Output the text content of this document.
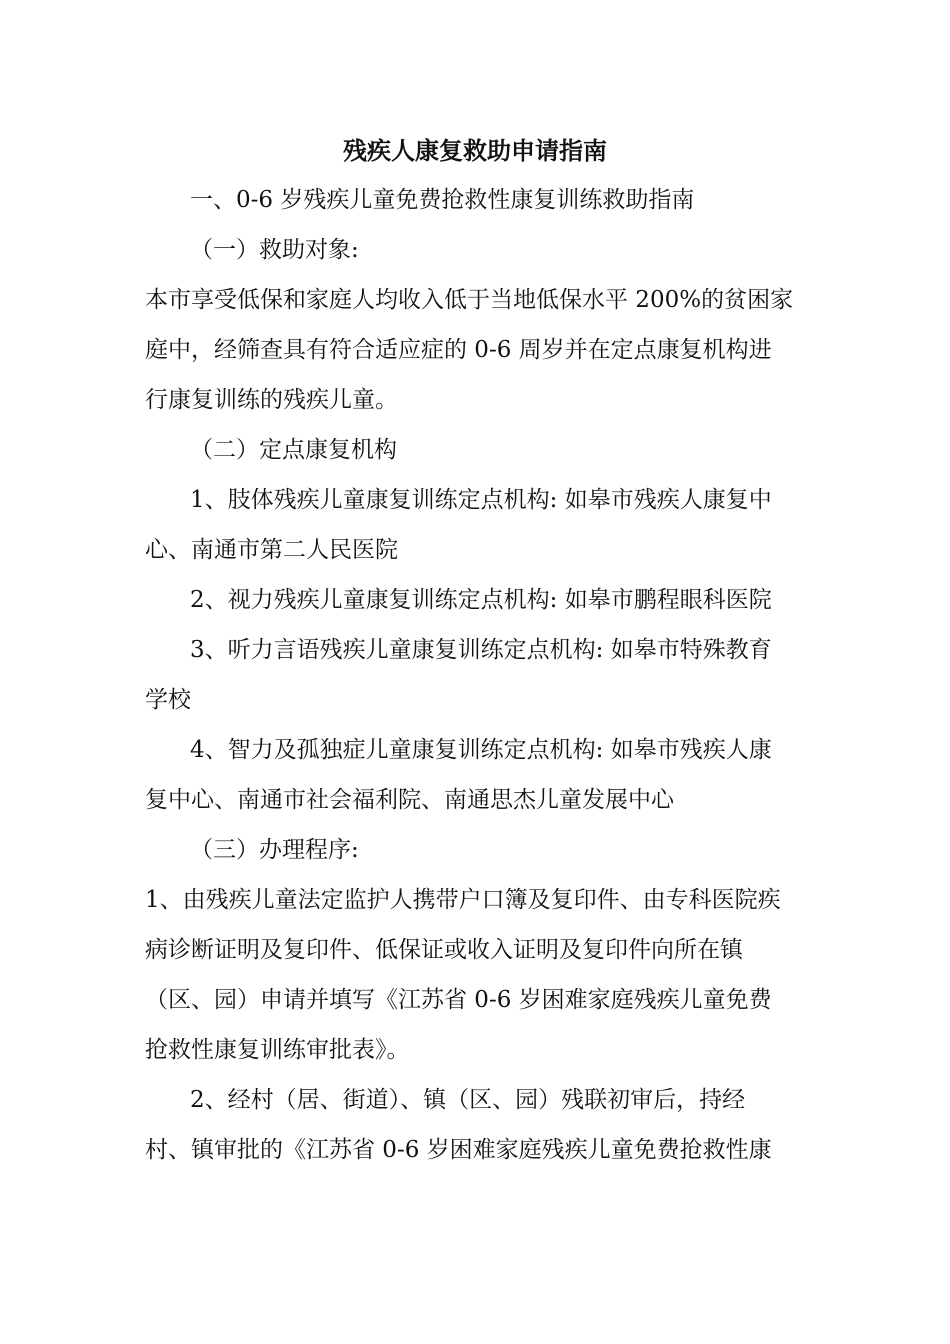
残疾人康复救助申请指南

一、0-6 岁残疾儿童免费抢救性康复训练救助指南

（一）救助对象:

本市享受低保和家庭人均收入低于当地低保水平 200%的贫困家

庭中，经筛查具有符合适应症的 0-6 周岁并在定点康复机构进

行康复训练的残疾儿童。

（二）定点康复机构

1、肢体残疾儿童康复训练定点机构: 如皋市残疾人康复中

心、南通市第二人民医院

2、视力残疾儿童康复训练定点机构: 如皋市鹏程眼科医院

3、听力言语残疾儿童康复训练定点机构: 如皋市特殊教育

学校

4、智力及孤独症儿童康复训练定点机构: 如皋市残疾人康

复中心、南通市社会福利院、南通思杰儿童发展中心

（三）办理程序:

1、由残疾儿童法定监护人携带户口簿及复印件、由专科医院疾

病诊断证明及复印件、低保证或收入证明及复印件向所在镇

（区、园）申请并填写《江苏省 0-6 岁困难家庭残疾儿童免费

抢救性康复训练审批表》。

2、经村（居、街道）、镇（区、园）残联初审后，持经

村、镇审批的《江苏省 0-6 岁困难家庭残疾儿童免费抢救性康
